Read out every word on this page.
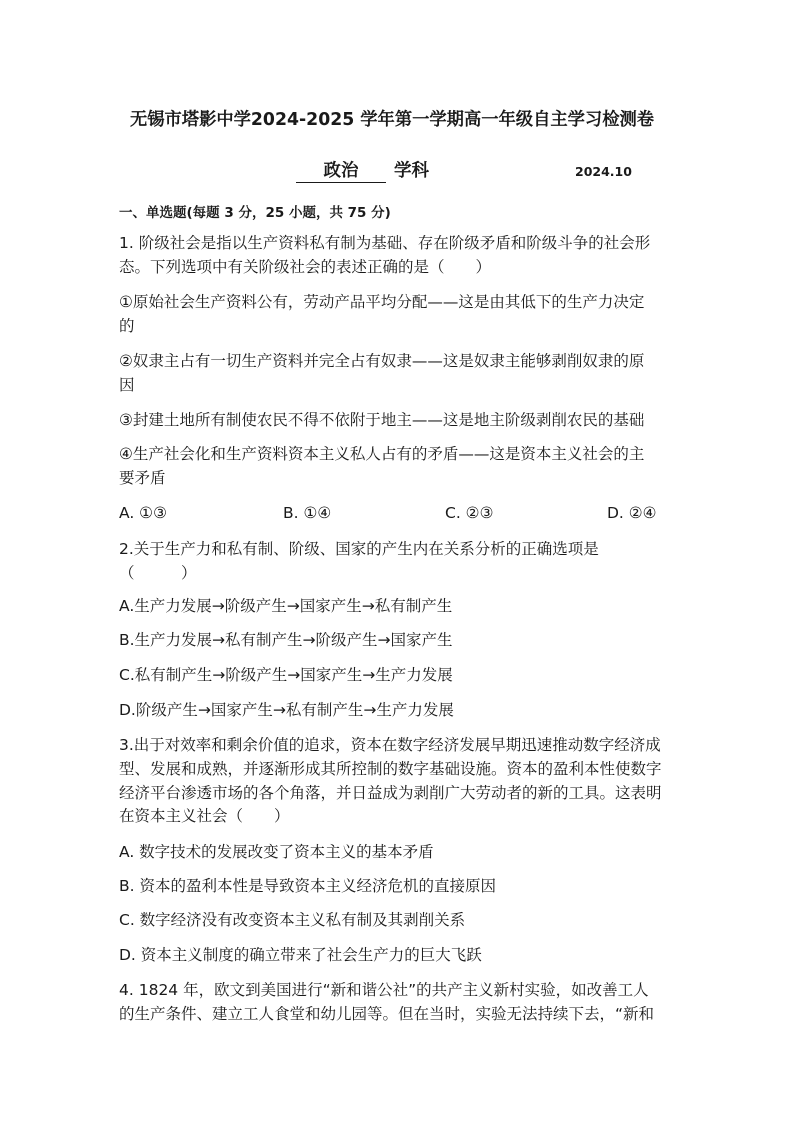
无锡市塔影中学2024-2025 学年第一学期高一年级自主学习检测卷
政治	学科	2024.10
一、单选题(每题 3 分，25 小题，共 75 分)
1. 阶级社会是指以生产资料私有制为基础、存在阶级矛盾和阶级斗争的社会形
态。下列选项中有关阶级社会的表述正确的是（　　）
①原始社会生产资料公有，劳动产品平均分配——这是由其低下的生产力决定
的
②奴隶主占有一切生产资料并完全占有奴隶——这是奴隶主能够剥削奴隶的原
因
③封建土地所有制使农民不得不依附于地主——这是地主阶级剥削农民的基础
④生产社会化和生产资料资本主义私人占有的矛盾——这是资本主义社会的主
要矛盾
A. ①③	B. ①④	C. ②③	D. ②④
2.关于生产力和私有制、阶级、国家的产生内在关系分析的正确选项是
（　　　）
A.生产力发展→阶级产生→国家产生→私有制产生
B.生产力发展→私有制产生→阶级产生→国家产生
C.私有制产生→阶级产生→国家产生→生产力发展
D.阶级产生→国家产生→私有制产生→生产力发展
3.出于对效率和剩余价值的追求，资本在数字经济发展早期迅速推动数字经济成
型、发展和成熟，并逐渐形成其所控制的数字基础设施。资本的盈利本性使数字
经济平台渗透市场的各个角落，并日益成为剥削广大劳动者的新的工具。这表明
在资本主义社会（　　）
A. 数字技术的发展改变了资本主义的基本矛盾
B. 资本的盈利本性是导致资本主义经济危机的直接原因
C. 数字经济没有改变资本主义私有制及其剥削关系
D. 资本主义制度的确立带来了社会生产力的巨大飞跃
4. 1824 年，欧文到美国进行“新和谐公社”的共产主义新村实验，如改善工人
的生产条件、建立工人食堂和幼儿园等。但在当时，实验无法持续下去，“新和
